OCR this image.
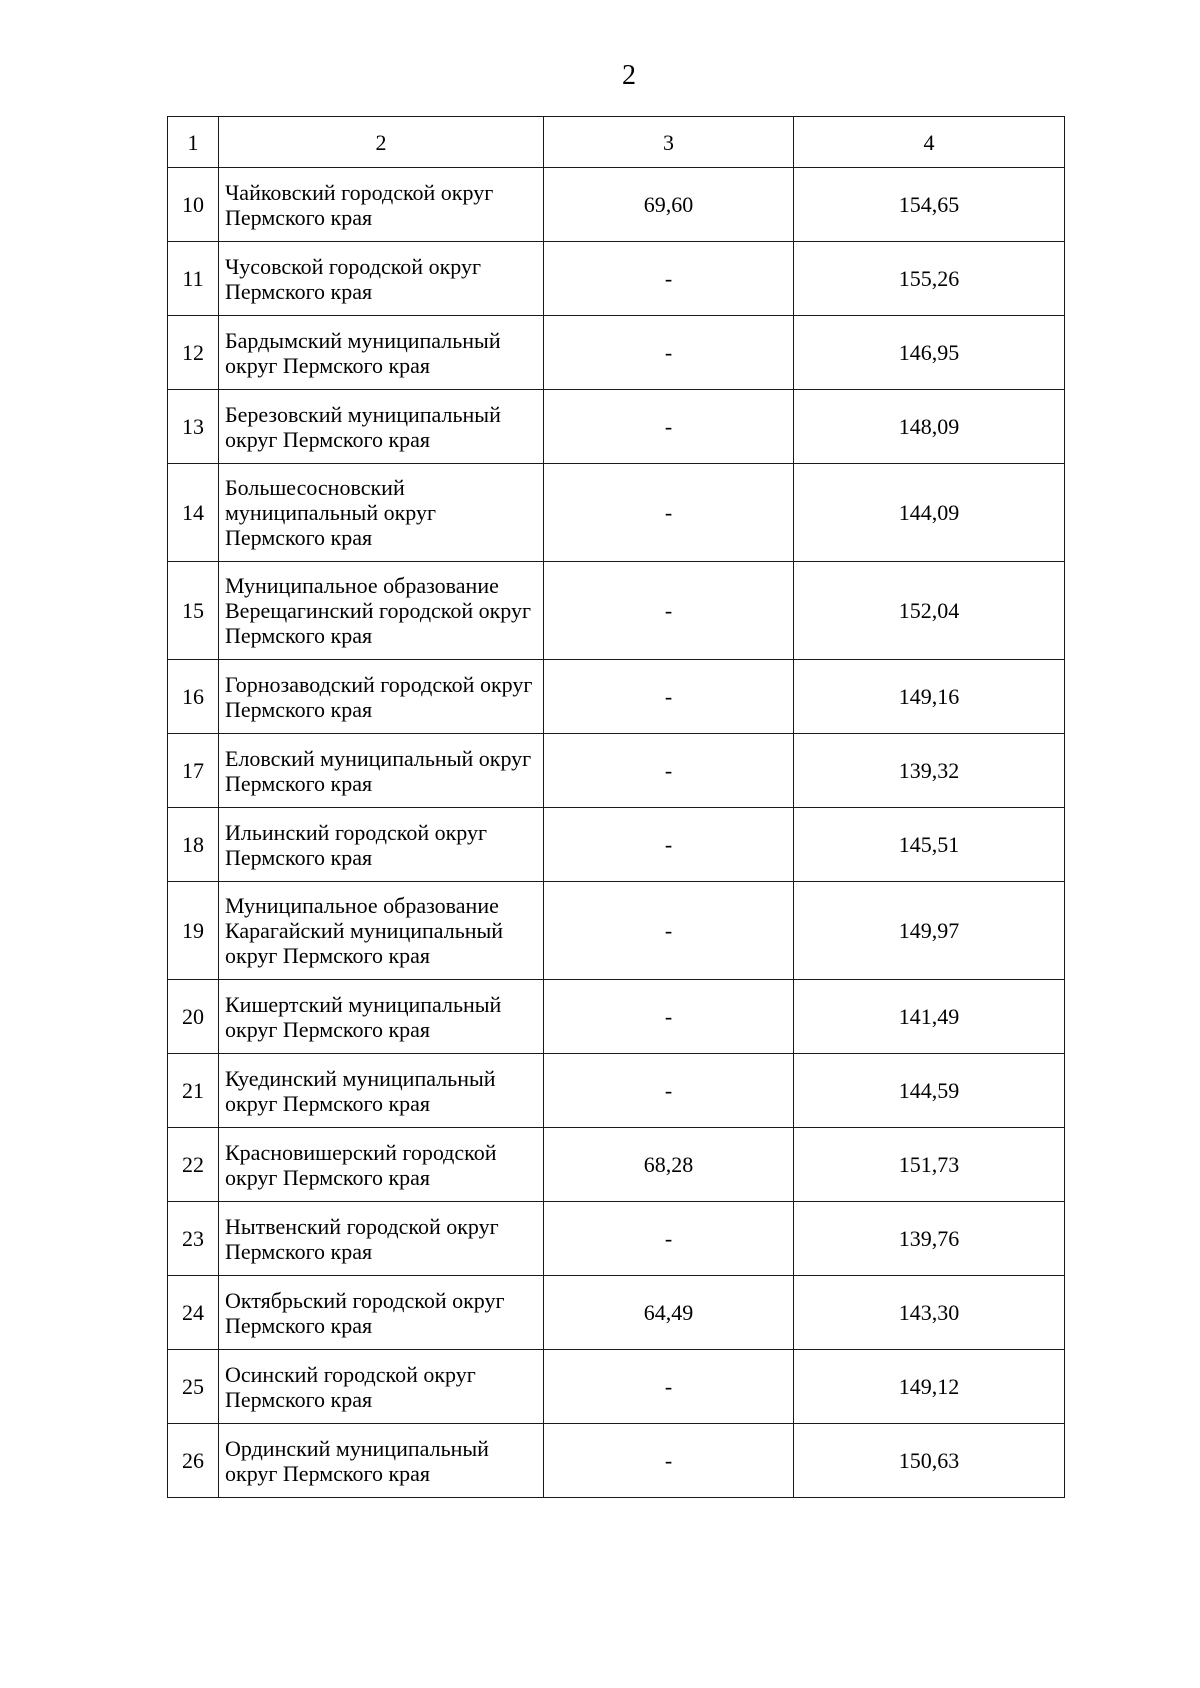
2
1	2	3	4
10	Чайковский городской округ Пермского края	69,60	154,65
11	Чусовской городской округ Пермского края	-	155,26
12	Бардымский муниципальный округ Пермского края	-	146,95
13	Березовский муниципальный округ Пермского края	-	148,09
14	Большесосновский муниципальный округ Пермского края	-	144,09
15	Муниципальное образование Верещагинский городской округ Пермского края	-	152,04
16	Горнозаводский городской округ Пермского края	-	149,16
17	Еловский муниципальный округ Пермского края	-	139,32
18	Ильинский городской округ Пермского края	-	145,51
19	Муниципальное образование Карагайский муниципальный округ Пермского края	-	149,97
20	Кишертский муниципальный округ Пермского края	-	141,49
21	Куединский муниципальный округ Пермского края	-	144,59
22	Красновишерский городской округ Пермского края	68,28	151,73
23	Нытвенский городской округ Пермского края	-	139,76
24	Октябрьский городской округ Пермского края	64,49	143,30
25	Осинский городской округ Пермского края	-	149,12
26	Ординский муниципальный округ Пермского края	-	150,63
